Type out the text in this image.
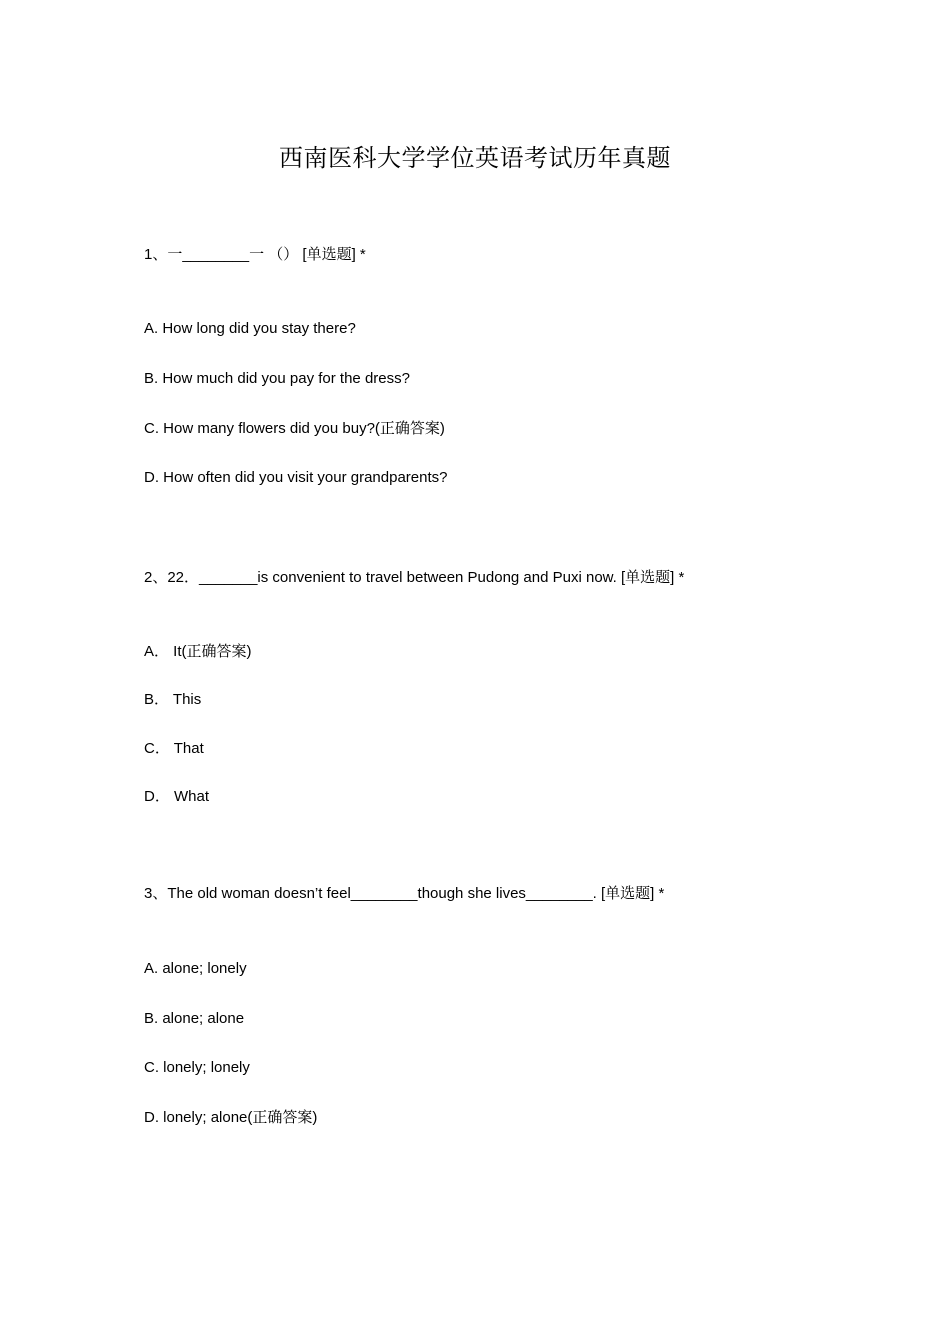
西南医科大学学位英语考试历年真题
1、一________一 （） [单选题] *
A. How long did you stay there?
B. How much did you pay for the dress?
C. How many flowers did you buy?(正确答案)
D. How often did you visit your grandparents?
2、22．_______is convenient to travel between Pudong and Puxi now. [单选题] *
A． It(正确答案)
B． This
C． That
D． What
3、The old woman doesn’t feel________though she lives________. [单选题] *
A. alone; lonely
B. alone; alone
C. lonely; lonely
D. lonely; alone(正确答案)
